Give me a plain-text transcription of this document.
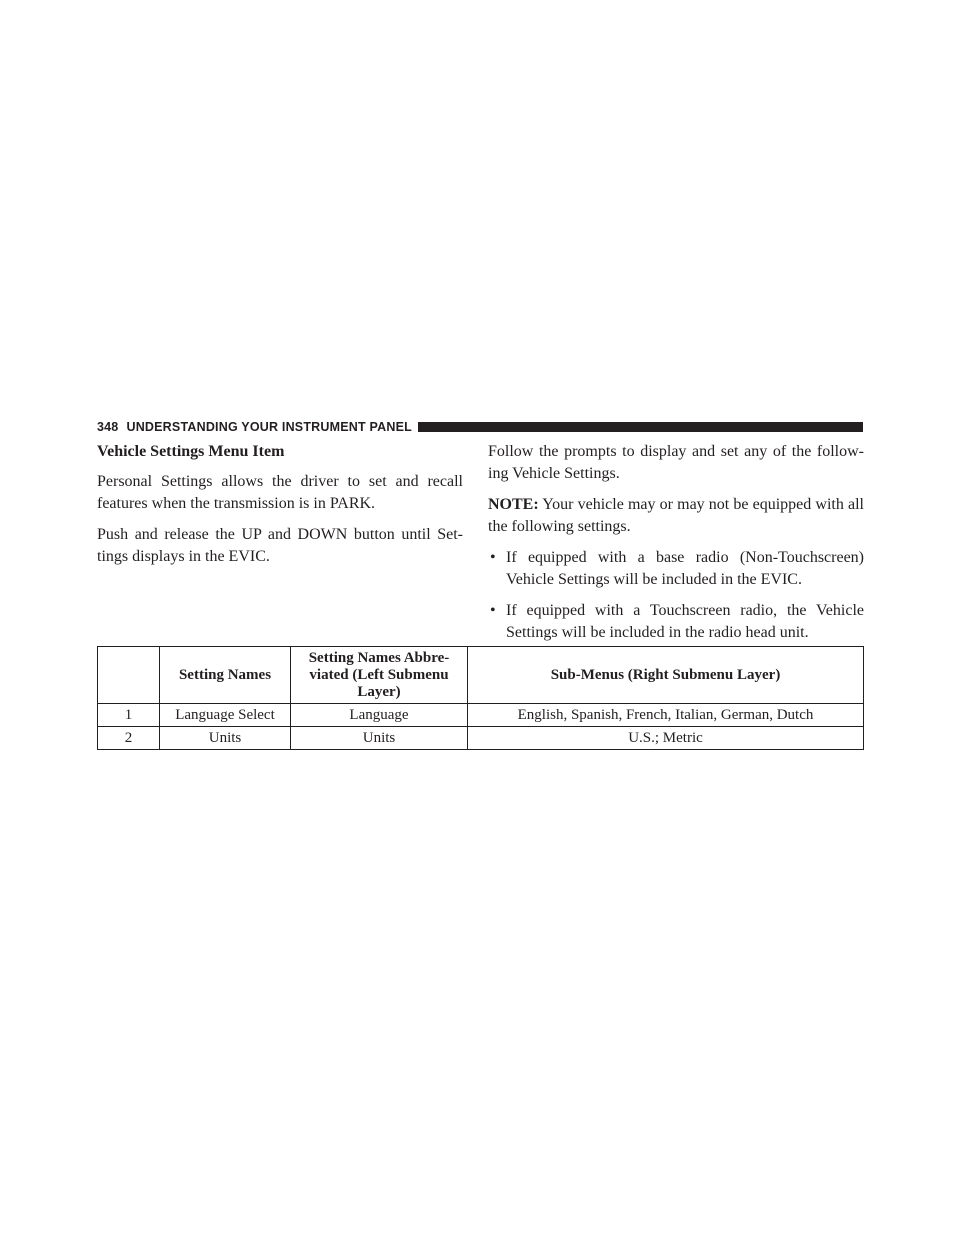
348 UNDERSTANDING YOUR INSTRUMENT PANEL
Vehicle Settings Menu Item

Personal Settings allows the driver to set and recall features when the transmission is in PARK.

Push and release the UP and DOWN button until Set-tings displays in the EVIC.

Follow the prompts to display and set any of the follow-ing Vehicle Settings.

NOTE: Your vehicle may or may not be equipped with all the following settings.

• If equipped with a base radio (Non-Touchscreen) Vehicle Settings will be included in the EVIC.
• If equipped with a Touchscreen radio, the Vehicle Settings will be included in the radio head unit.
	Setting Names	Setting Names Abbre-viated (Left Submenu Layer)	Sub-Menus (Right Submenu Layer)
1	Language Select	Language	English, Spanish, French, Italian, German, Dutch
2	Units	Units	U.S.; Metric
